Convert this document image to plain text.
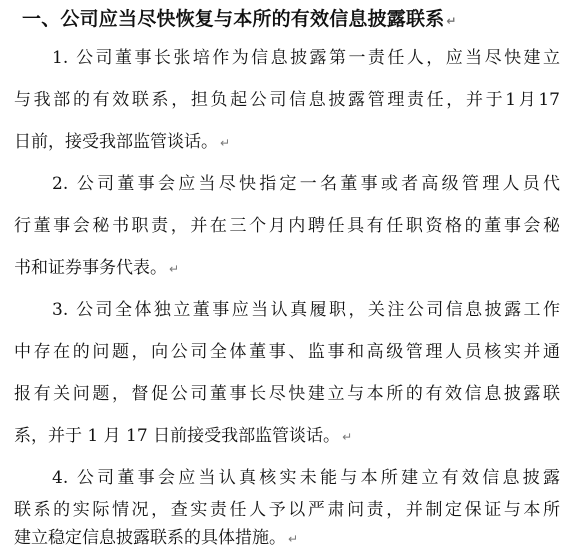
一、公司应当尽快恢复与本所的有效信息披露联系 ↵
1. 公司董事长张培作为信息披露第一责任人，应当尽快建立
与我部的有效联系，担负起公司信息披露管理责任，并于1月17
日前，接受我部监管谈话。 ↵
2. 公司董事会应当尽快指定一名董事或者高级管理人员代
行董事会秘书职责，并在三个月内聘任具有任职资格的董事会秘
书和证券事务代表。 ↵
3. 公司全体独立董事应当认真履职，关注公司信息披露工作
中存在的问题，向公司全体董事、监事和高级管理人员核实并通
报有关问题，督促公司董事长尽快建立与本所的有效信息披露联
系，并于 1 月 17 日前接受我部监管谈话。 ↵
4. 公司董事会应当认真核实未能与本所建立有效信息披露
联系的实际情况，查实责任人予以严肃问责，并制定保证与本所
建立稳定信息披露联系的具体措施。 ↵
